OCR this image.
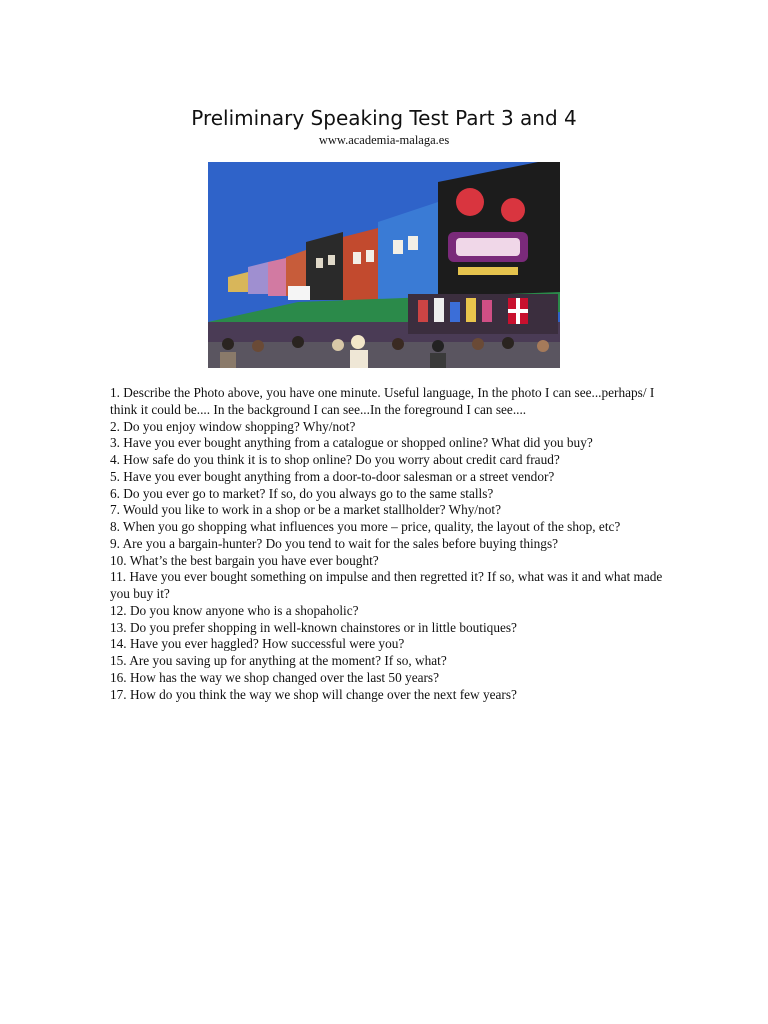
Preliminary Speaking Test Part 3 and 4
www.academia-malaga.es
1. Describe the Photo above, you have one minute. Useful language, In the photo I can see...perhaps/ I think it could be.... In the background I can see...In the foreground I can see....
2. Do you enjoy window shopping? Why/not?
3. Have you ever bought anything from a catalogue or shopped online? What did you buy?
4. How safe do you think it is to shop online? Do you worry about credit card fraud?
5. Have you ever bought anything from a door-to-door salesman or a street vendor?
6. Do you ever go to market? If so, do you always go to the same stalls?
7. Would you like to work in a shop or be a market stallholder? Why/not?
8. When you go shopping what influences you more – price, quality, the layout of the shop, etc?
9. Are you a bargain-hunter? Do you tend to wait for the sales before buying things?
10. What’s the best bargain you have ever bought?
11. Have you ever bought something on impulse and then regretted it? If so, what was it and what made you buy it?
12. Do you know anyone who is a shopaholic?
13. Do you prefer shopping in well-known chainstores or in little boutiques?
14. Have you ever haggled? How successful were you?
15. Are you saving up for anything at the moment? If so, what?
16. How has the way we shop changed over the last 50 years?
17. How do you think the way we shop will change over the next few years?
